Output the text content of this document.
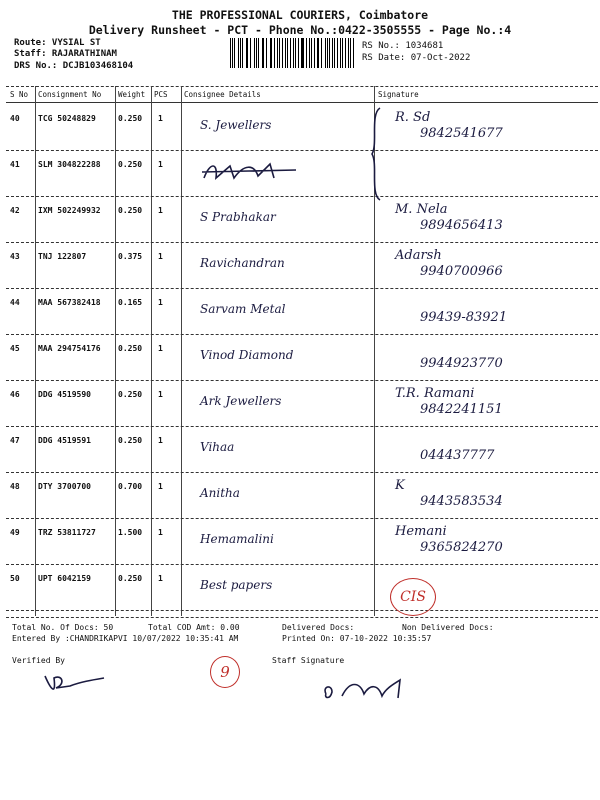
THE PROFESSIONAL COURIERS, Coimbatore
Delivery Runsheet - PCT - Phone No.:0422-3505555 - Page No.:4
Route: VYSIAL ST
Staff: RAJARATHINAM
DRS No.: DCJB103468104
RS No.: 1034681
RS Date: 07-Oct-2022
S No Consignment No Weight PCS Consignee Details	Signature
40 TCG 50248829	0.250 1	S. Jewellers	R. Sd
9842541677
41 SLM 304822288 0.250 1
42 IXM 502249932 0.250 1	S Prabhakar	M. Nela
9894656413
43 TNJ 122807	0.375 1	Ravichandran	Adarsh
9940700966
44 MAA 567382418 0.165 1	Sarvam Metal
99439-83921
45 MAA 294754176 0.250 1	Vinod Diamond
9944923770
46 DDG 4519590	0.250 1	Ark Jewellers	T.R. Ramani
9842241151
47 DDG 4519591	0.250 1	Vihaa
044437777
48 DTY 3700700	0.700 1	Anitha	K
9443583534
49 TRZ 53811727	1.500 1	Hemamalini	Hemani
9365824270
50 UPT 6042159	0.250 1	Best papers
Total No. Of Docs: 50	Total COD Amt: 0.00	Delivered Docs:	Non Delivered Docs:
Entered By :CHANDRIKAPVI 10/07/2022 10:35:41 AM	Printed On: 07-10-2022 10:35:57
Verified By	Staff Signature
CIS
9
